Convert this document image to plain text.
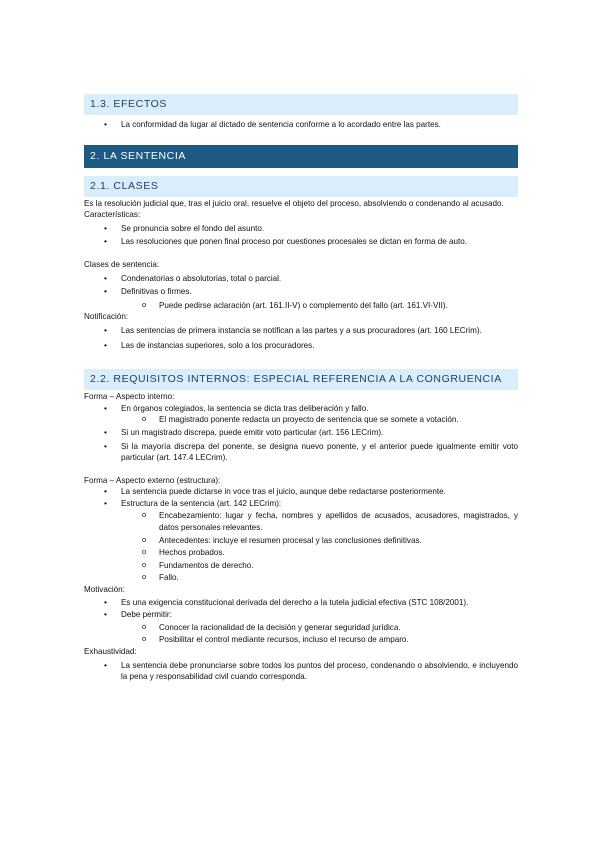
1.3. EFECTOS
• La conformidad da lugar al dictado de sentencia conforme a lo acordado entre las partes.
2. LA SENTENCIA
2.1. CLASES
Es la resolución judicial que, tras el juicio oral, resuelve el objeto del proceso, absolviendo o condenando al acusado.
Características:
• Se pronuncia sobre el fondo del asunto.
• Las resoluciones que ponen final proceso por cuestiones procesales se dictan en forma de auto.
Clases de sentencia:
• Condenatorias o absolutorias, total o parcial.
• Definitivas o firmes.
o Puede pedirse aclaración (art. 161.II-V) o complemento del fallo (art. 161.VI-VII).
Notificación:
• Las sentencias de primera instancia se notifican a las partes y a sus procuradores (art. 160 LECrim).
• Las de instancias superiores, solo a los procuradores.
2.2. REQUISITOS INTERNOS: ESPECIAL REFERENCIA A LA CONGRUENCIA
Forma – Aspecto interno:
• En órganos colegiados, la sentencia se dicta tras deliberación y fallo.
o El magistrado ponente redacta un proyecto de sentencia que se somete a votación.
• Si un magistrado discrepa, puede emitir voto particular (art. 156 LECrim).
• Si la mayoría discrepa del ponente, se designa nuevo ponente, y el anterior puede igualmente emitir voto particular (art. 147.4 LECrim).
Forma – Aspecto externo (estructura):
• La sentencia puede dictarse in voce tras el juicio, aunque debe redactarse posteriormente.
• Estructura de la sentencia (art. 142 LECrim):
o Encabezamiento: lugar y fecha, nombres y apellidos de acusados, acusadores, magistrados, y datos personales relevantes.
o Antecedentes: incluye el resumen procesal y las conclusiones definitivas.
o Hechos probados.
o Fundamentos de derecho.
o Fallo.
Motivación:
• Es una exigencia constitucional derivada del derecho a la tutela judicial efectiva (STC 108/2001).
• Debe permitir:
o Conocer la racionalidad de la decisión y generar seguridad jurídica.
o Posibilitar el control mediante recursos, incluso el recurso de amparo.
Exhaustividad:
• La sentencia debe pronunciarse sobre todos los puntos del proceso, condenando o absolviendo, e incluyendo la pena y responsabilidad civil cuando corresponda.
